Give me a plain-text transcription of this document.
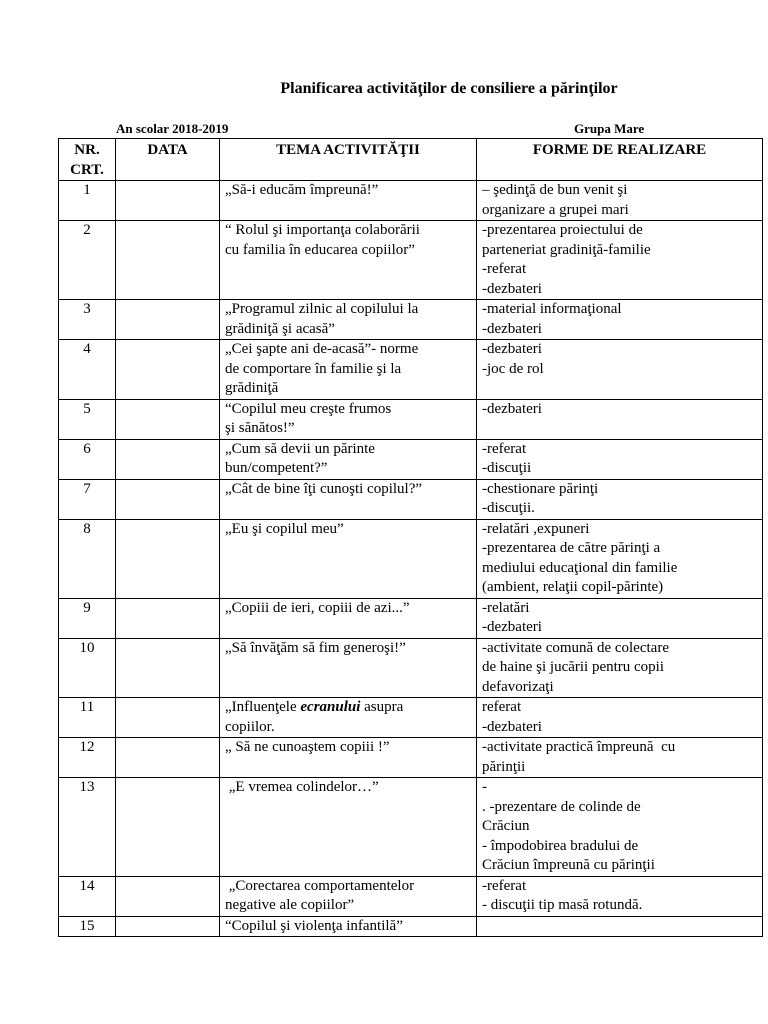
Planificarea activităţilor de consiliere a părinţilor
An scolar 2018-2019	Grupa Mare
NR.
CRT.	DATA	TEMA ACTIVITĂŢII	FORME DE REALIZARE
1		„Să-i educăm împreună!”	– şedinţă de bun venit şi
organizare a grupei mari

2		“ Rolul şi importanţa colaborării
cu familia în educarea copiilor”	-prezentarea proiectului de
parteneriat gradiniţă-familie
-referat
-dezbateri

3		„Programul zilnic al copilului la
grădiniţă şi acasă”	-material informaţional
-dezbateri

4		„Cei şapte ani de-acasă”- norme
de comportare în familie şi la
grădiniţă	-dezbateri
-joc de rol

5		“Copilul meu creşte frumos
şi sănătos!”	-dezbateri

6		„Cum să devii un părinte
bun/competent?”	-referat
-discuţii

7		„Cât de bine îţi cunoşti copilul?”	-chestionare părinţi
-discuţii.

8		„Eu şi copilul meu”	-relatări ,expuneri
-prezentarea de către părinţi a
mediului educaţional din familie
(ambient, relaţii copil-părinte)

9		„Copiii de ieri, copiii de azi...”	-relatări
-dezbateri

10		„Să învăţăm să fim generoşi!”	-activitate comună de colectare
de haine şi jucării pentru copii
defavorizaţi

11		„Influenţele ecranului asupra
copiilor.	referat
-dezbateri

12		„ Să ne cunoaştem copiii !”	-activitate practică împreună  cu
părinţii

13		„E vremea colindelor…”	-
. -prezentare de colinde de
Crăciun
- împodobirea bradului de
Crăciun împreună cu părinţii

14		„Corectarea comportamentelor
negative ale copiilor”	-referat
- discuţii tip masă rotundă.

15		“Copilul şi violenţa infantilă”	
